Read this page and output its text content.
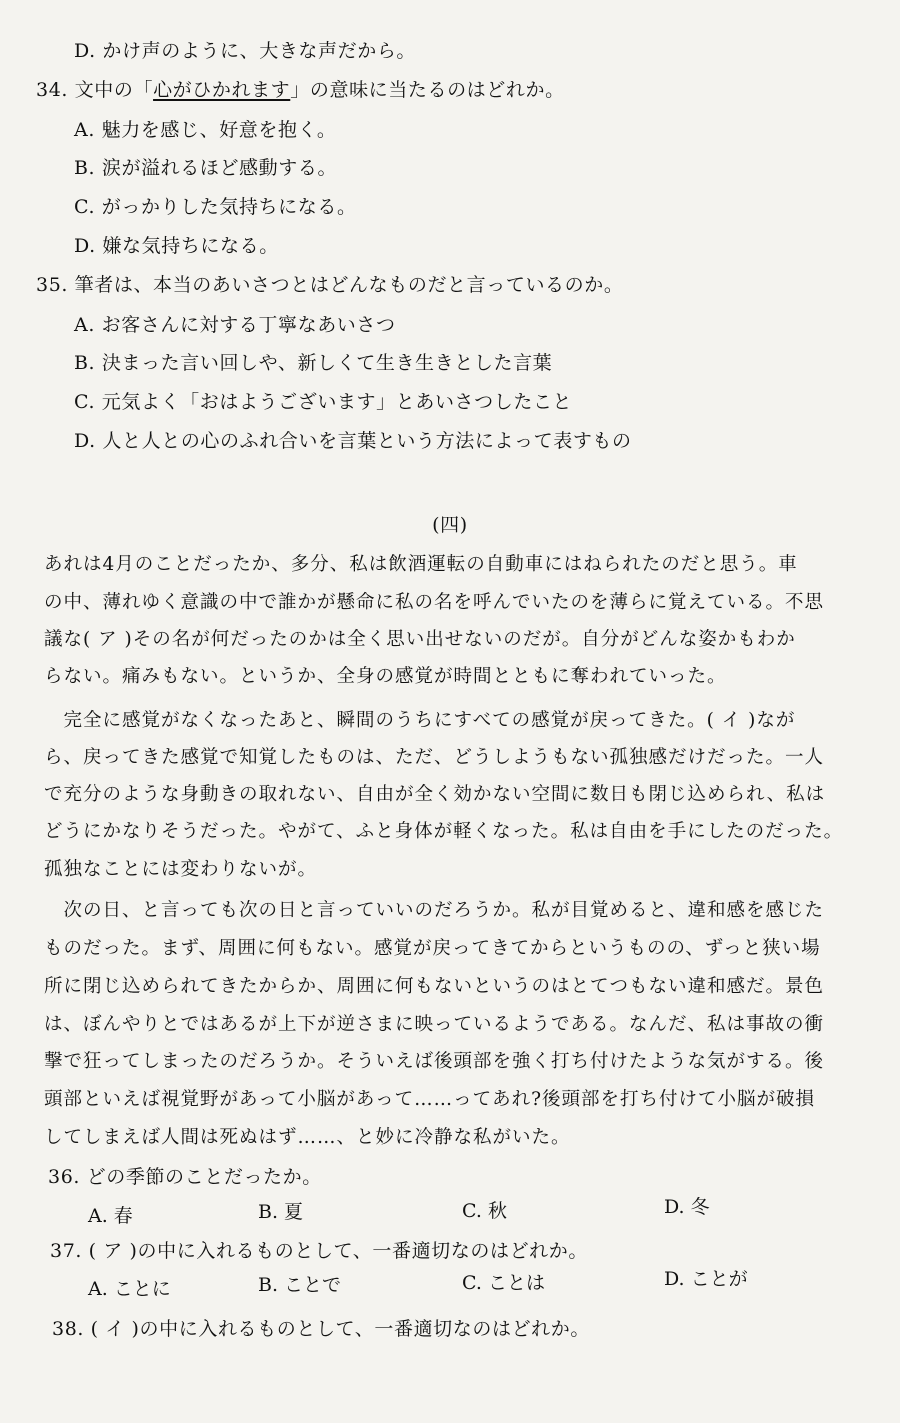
D. かけ声のように、大きな声だから。
34. 文中の「心がひかれます」の意味に当たるのはどれか。
A. 魅力を感じ、好意を抱く。
B. 涙が溢れるほど感動する。
C. がっかりした気持ちになる。
D. 嫌な気持ちになる。
35. 筆者は、本当のあいさつとはどんなものだと言っているのか。
A. お客さんに対する丁寧なあいさつ
B. 決まった言い回しや、新しくて生き生きとした言葉
C. 元気よく「おはようございます」とあいさつしたこと
D. 人と人との心のふれ合いを言葉という方法によって表すもの
(四)
あれは4月のことだったか、多分、私は飲酒運転の自動車にはねられたのだと思う。車
の中、薄れゆく意識の中で誰かが懸命に私の名を呼んでいたのを薄らに覚えている。不思
議な( ア )その名が何だったのかは全く思い出せないのだが。自分がどんな姿かもわか
らない。痛みもない。というか、全身の感覚が時間とともに奪われていった。
　完全に感覚がなくなったあと、瞬間のうちにすべての感覚が戻ってきた。( イ )なが
ら、戻ってきた感覚で知覚したものは、ただ、どうしようもない孤独感だけだった。一人
で充分のような身動きの取れない、自由が全く効かない空間に数日も閉じ込められ、私は
どうにかなりそうだった。やがて、ふと身体が軽くなった。私は自由を手にしたのだった。
孤独なことには変わりないが。
　次の日、と言っても次の日と言っていいのだろうか。私が目覚めると、違和感を感じた
ものだった。まず、周囲に何もない。感覚が戻ってきてからというものの、ずっと狭い場
所に閉じ込められてきたからか、周囲に何もないというのはとてつもない違和感だ。景色
は、ぼんやりとではあるが上下が逆さまに映っているようである。なんだ、私は事故の衝
撃で狂ってしまったのだろうか。そういえば後頭部を強く打ち付けたような気がする。後
頭部といえば視覚野があって小脳があって……ってあれ?後頭部を打ち付けて小脳が破損
してしまえば人間は死ぬはず……、と妙に冷静な私がいた。
36. どの季節のことだったか。
A. 春	B. 夏	C. 秋	D. 冬
37. ( ア )の中に入れるものとして、一番適切なのはどれか。
A. ことに	B. ことで	C. ことは	D. ことが
38. ( イ )の中に入れるものとして、一番適切なのはどれか。
